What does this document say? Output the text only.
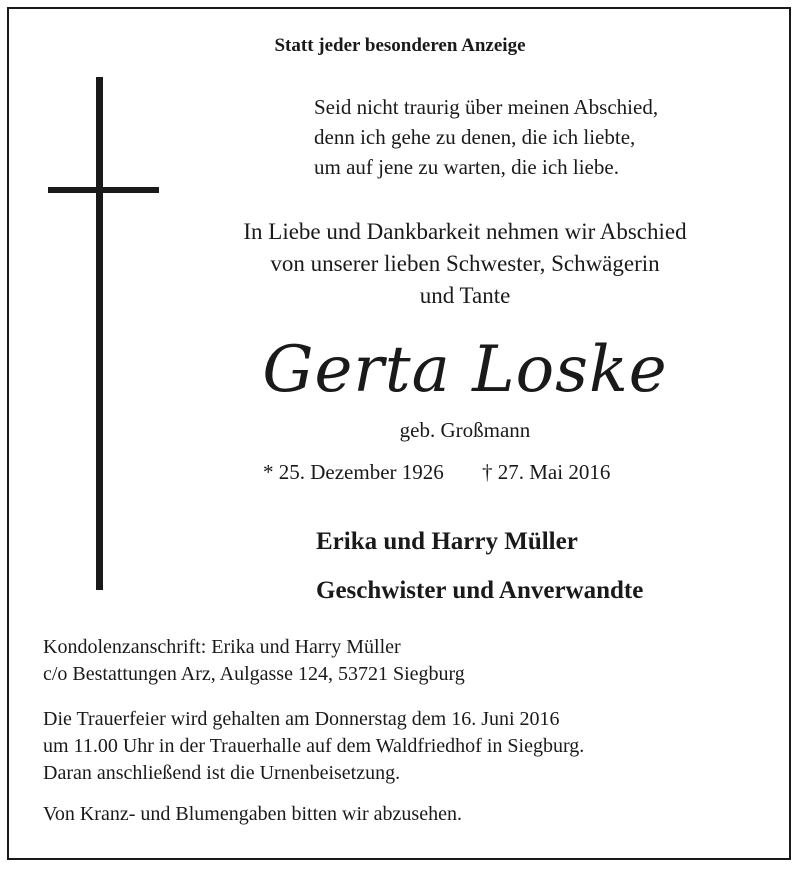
Statt jeder besonderen Anzeige

Seid nicht traurig über meinen Abschied,
denn ich gehe zu denen, die ich liebte,
um auf jene zu warten, die ich liebe.
In Liebe und Dankbarkeit nehmen wir Abschied
von unserer lieben Schwester, Schwägerin
und Tante

Gerta Loske

geb. Großmann

* 25. Dezember 1926 † 27. Mai 2016

Erika und Harry Müller

Geschwister und Anverwandte

Kondolenzanschrift: Erika und Harry Müller
c/o Bestattungen Arz, Aulgasse 124, 53721 Siegburg
Die Trauerfeier wird gehalten am Donnerstag dem 16. Juni 2016
um 11.00 Uhr in der Trauerhalle auf dem Waldfriedhof in Siegburg.
Daran anschließend ist die Urnenbeisetzung.

Von Kranz- und Blumengaben bitten wir abzusehen.
